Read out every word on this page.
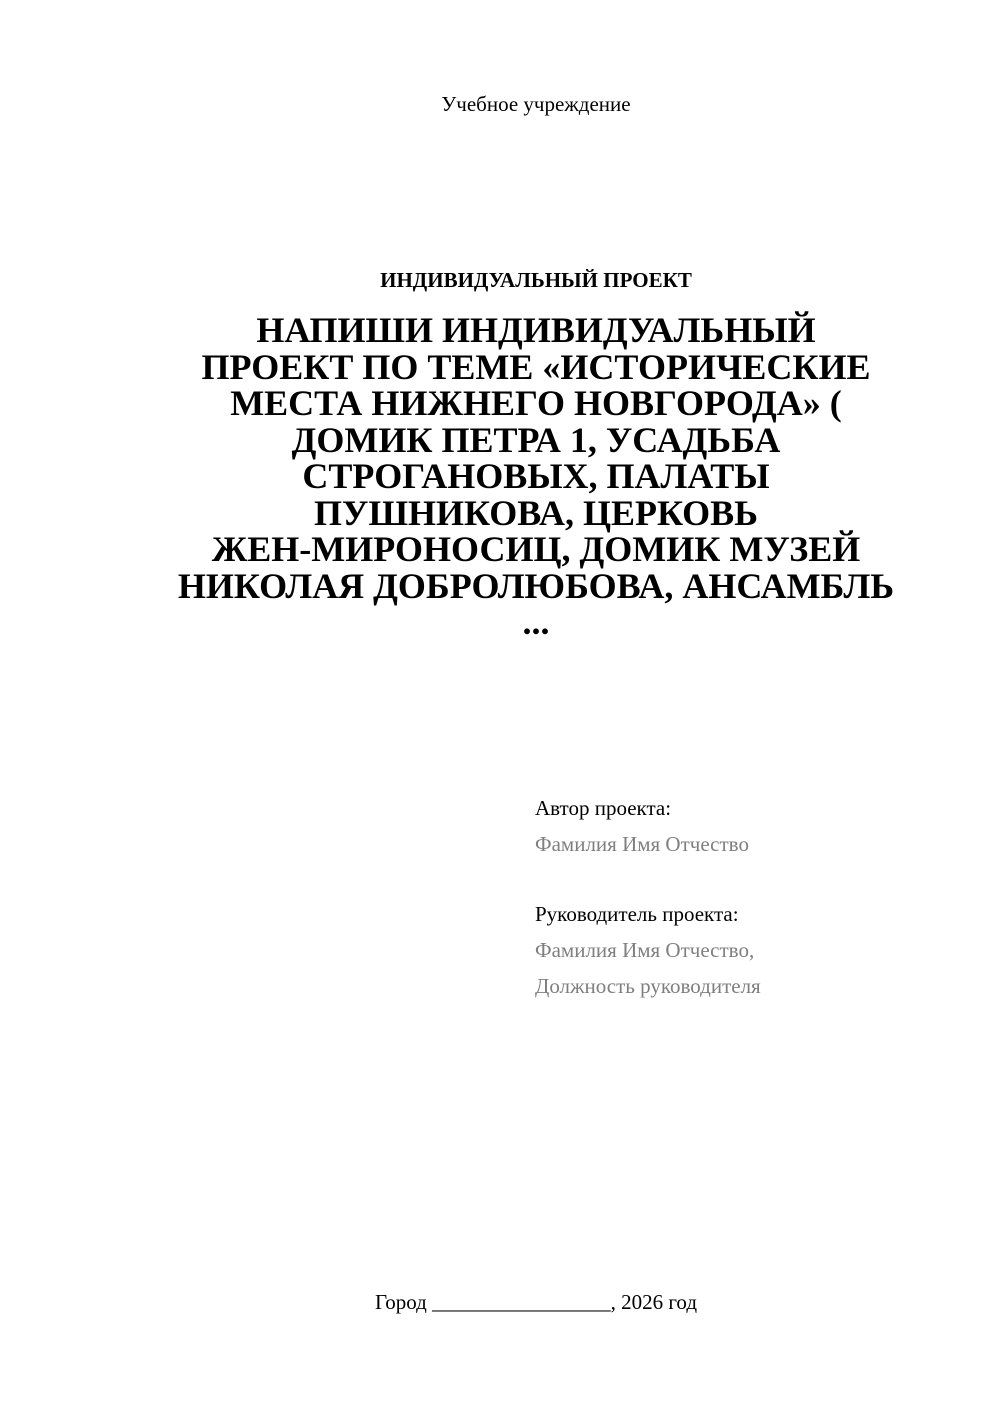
Учебное учреждение
ИНДИВИДУАЛЬНЫЙ ПРОЕКТ
НАПИШИ ИНДИВИДУАЛЬНЫЙ
ПРОЕКТ ПО ТЕМЕ «ИСТОРИЧЕСКИЕ
МЕСТА НИЖНЕГО НОВГОРОДА» (
ДОМИК ПЕТРА 1, УСАДЬБА
СТРОГАНОВЫХ, ПАЛАТЫ
ПУШНИКОВА, ЦЕРКОВЬ
ЖЕН-МИРОНОСИЦ, ДОМИК МУЗЕЙ
НИКОЛАЯ ДОБРОЛЮБОВА, АНСАМБЛЬ
...
Автор проекта:
Фамилия Имя Отчество
Руководитель проекта:
Фамилия Имя Отчество,
Должность руководителя
Город _________________, 2026 год
